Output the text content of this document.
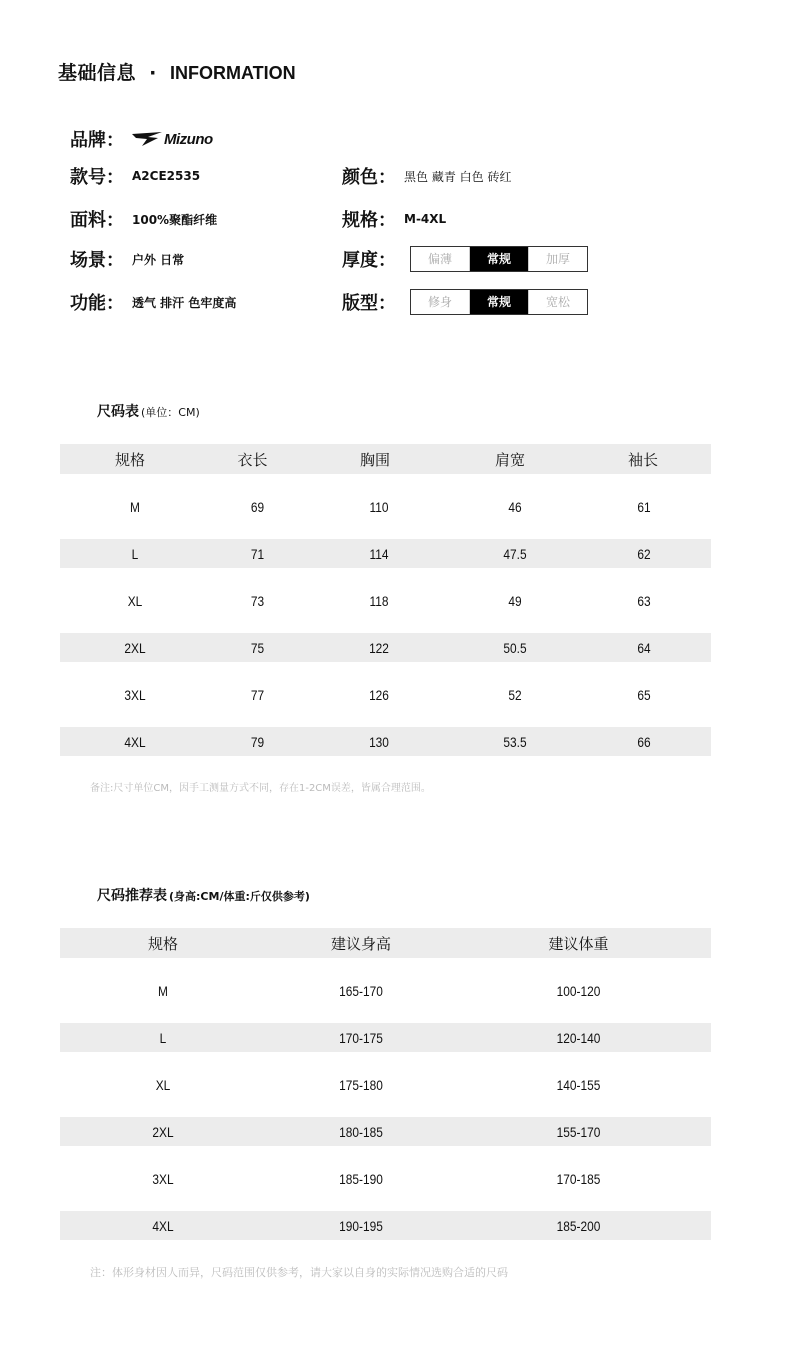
基础信息 · INFORMATION
品牌：	Mizuno
款号： A2CE2535	颜色： 黑色 藏青 白色 砖红
面料： 100%聚酯纤维	规格： M-4XL
场景： 户外 日常	厚度：	偏薄	常规	加厚
功能： 透气 排汗 色牢度高	版型：	修身	常规	宽松
尺码表 (单位：CM)
规格	衣长	胸围	肩宽	袖长
M	69	110	46	61
L	71	114	47.5	62
XL	73	118	49	63
2XL	75	122	50.5	64
3XL	77	126	52	65
4XL	79	130	53.5	66
备注:尺寸单位CM，因手工测量方式不同，存在1-2CM误差，皆属合理范围。
尺码推荐表 (身高:CM/体重:斤仅供参考)
规格	建议身高	建议体重
M	165-170	100-120
L	170-175	120-140
XL	175-180	140-155
2XL	180-185	155-170
3XL	185-190	170-185
4XL	190-195	185-200
注：体形身材因人而异，尺码范围仅供参考，请大家以自身的实际情况选购合适的尺码
